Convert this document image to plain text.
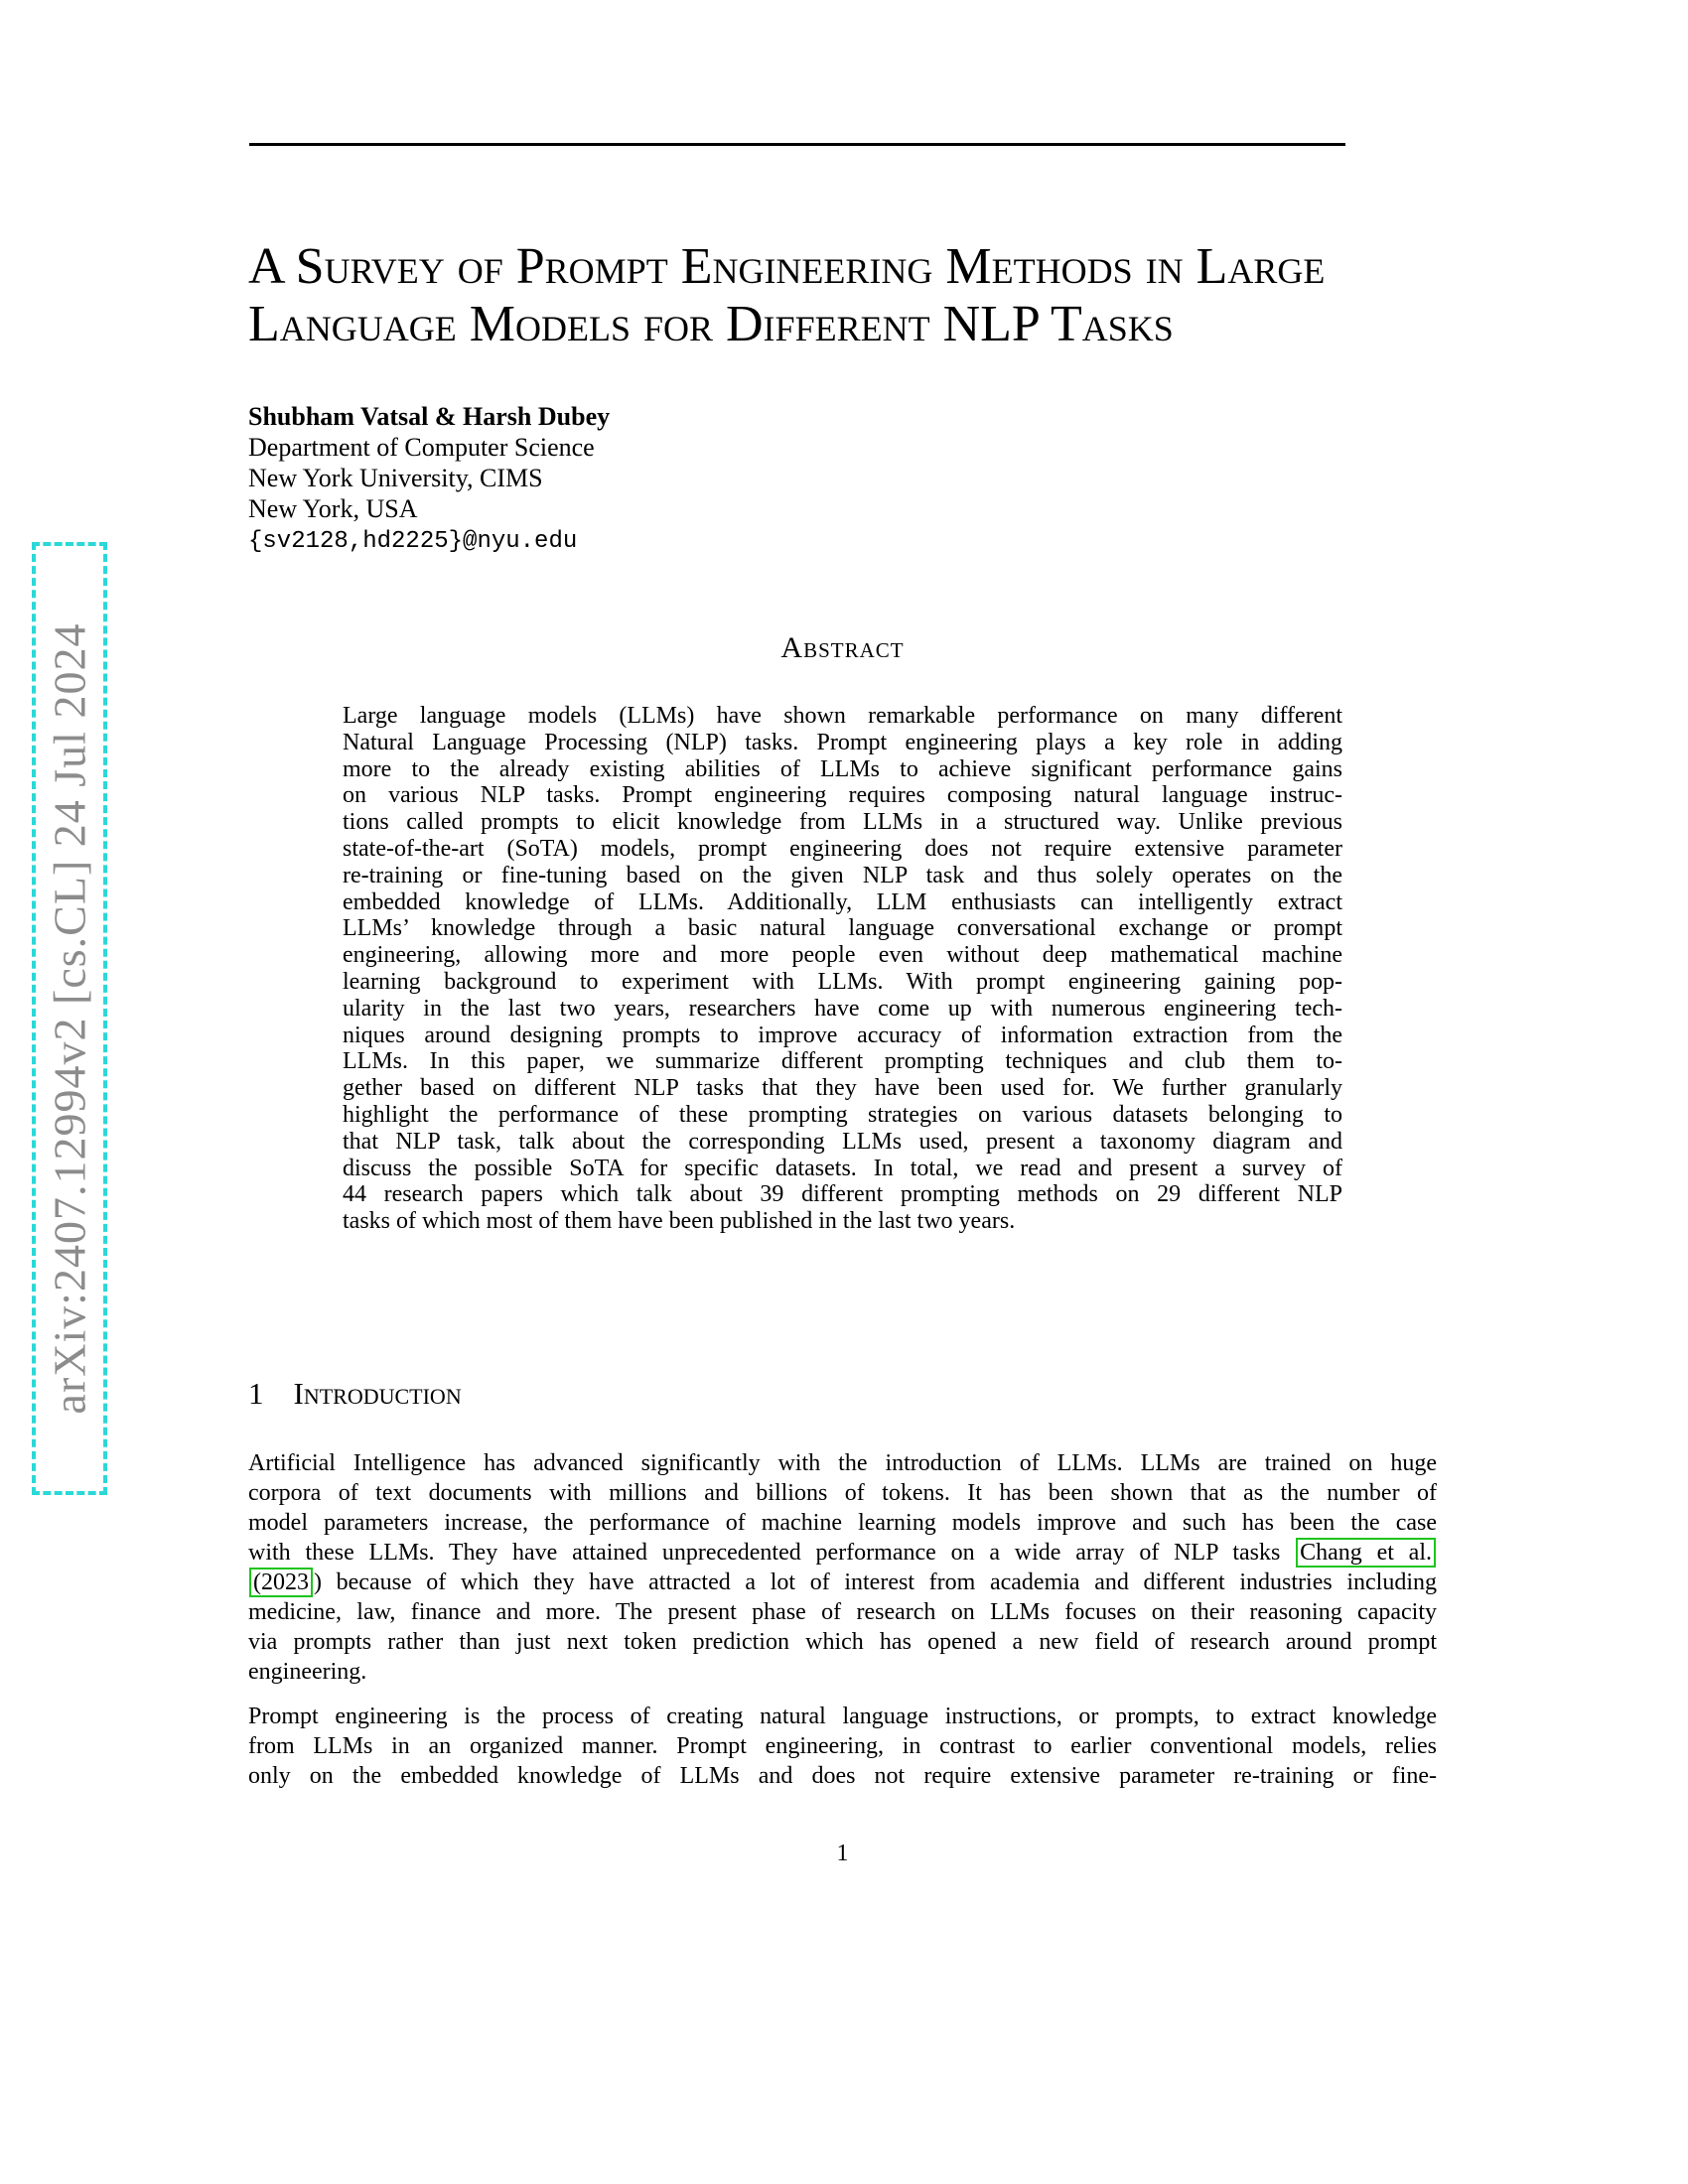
arXiv:2407.12994v2 [cs.CL] 24 Jul 2024
A Survey of Prompt Engineering Methods in Large
Language Models for Different NLP Tasks
Shubham Vatsal & Harsh Dubey
Department of Computer Science
New York University, CIMS
New York, USA
{sv2128,hd2225}@nyu.edu
Abstract
Large language models (LLMs) have shown remarkable performance on many different
Natural Language Processing (NLP) tasks. Prompt engineering plays a key role in adding
more to the already existing abilities of LLMs to achieve significant performance gains
on various NLP tasks. Prompt engineering requires composing natural language instruc-
tions called prompts to elicit knowledge from LLMs in a structured way. Unlike previous
state-of-the-art (SoTA) models, prompt engineering does not require extensive parameter
re-training or fine-tuning based on the given NLP task and thus solely operates on the
embedded knowledge of LLMs. Additionally, LLM enthusiasts can intelligently extract
LLMs’ knowledge through a basic natural language conversational exchange or prompt
engineering, allowing more and more people even without deep mathematical machine
learning background to experiment with LLMs. With prompt engineering gaining pop-
ularity in the last two years, researchers have come up with numerous engineering tech-
niques around designing prompts to improve accuracy of information extraction from the
LLMs. In this paper, we summarize different prompting techniques and club them to-
gether based on different NLP tasks that they have been used for. We further granularly
highlight the performance of these prompting strategies on various datasets belonging to
that NLP task, talk about the corresponding LLMs used, present a taxonomy diagram and
discuss the possible SoTA for specific datasets. In total, we read and present a survey of
44 research papers which talk about 39 different prompting methods on 29 different NLP
tasks of which most of them have been published in the last two years.
1 Introduction
Artificial Intelligence has advanced significantly with the introduction of LLMs. LLMs are trained on huge
corpora of text documents with millions and billions of tokens. It has been shown that as the number of
model parameters increase, the performance of machine learning models improve and such has been the case
with these LLMs. They have attained unprecedented performance on a wide array of NLP tasks Chang et al.
(2023 ) because of which they have attracted a lot of interest from academia and different industries including
medicine, law, finance and more. The present phase of research on LLMs focuses on their reasoning capacity
via prompts rather than just next token prediction which has opened a new field of research around prompt
engineering.
Prompt engineering is the process of creating natural language instructions, or prompts, to extract knowledge
from LLMs in an organized manner. Prompt engineering, in contrast to earlier conventional models, relies
only on the embedded knowledge of LLMs and does not require extensive parameter re-training or fine-
1
